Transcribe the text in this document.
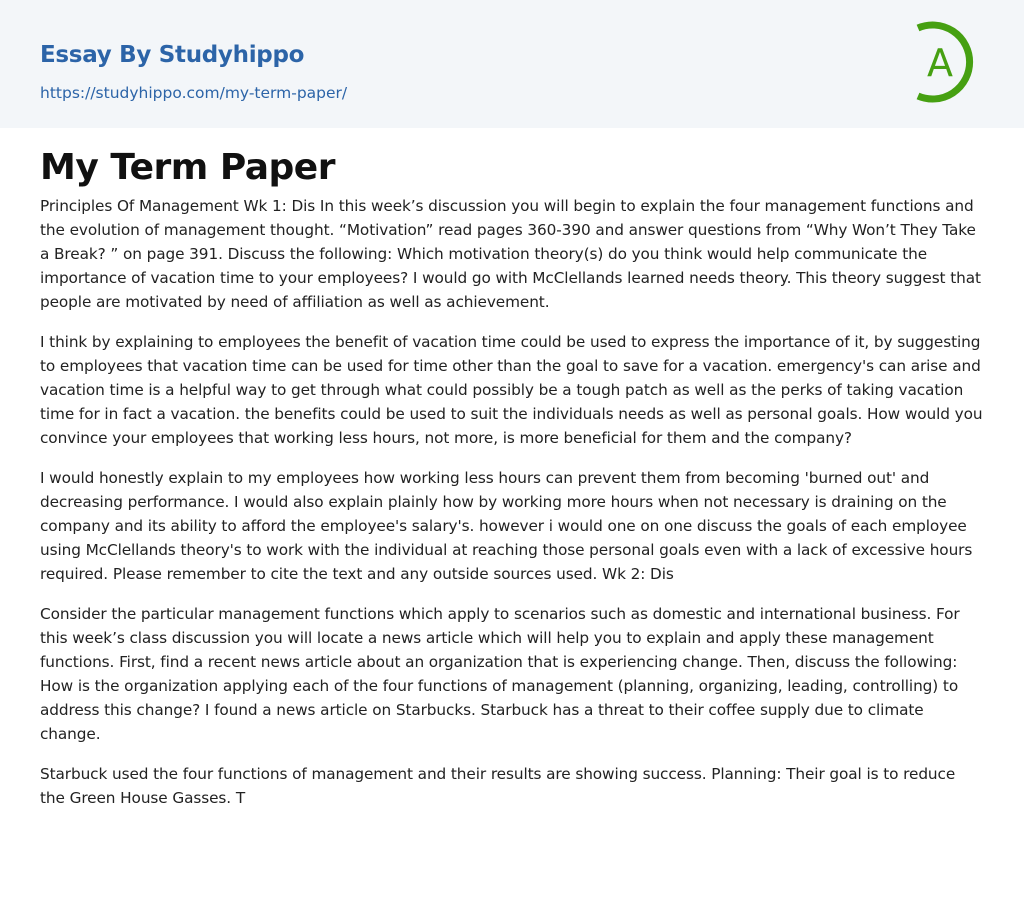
Essay By Studyhippo
https://studyhippo.com/my-term-paper/
A
My Term Paper

Principles Of Management Wk 1: Dis In this week’s discussion you will begin to explain the four management functions and the evolution of management thought. “Motivation” read pages 360-390 and answer questions from “Why Won’t They Take a Break? ” on page 391. Discuss the following: Which motivation theory(s) do you think would help communicate the importance of vacation time to your employees? I would go with McClellands learned needs theory. This theory suggest that people are motivated by need of affiliation as well as achievement.

I think by explaining to employees the benefit of vacation time could be used to express the importance of it, by suggesting to employees that vacation time can be used for time other than the goal to save for a vacation. emergency's can arise and vacation time is a helpful way to get through what could possibly be a tough patch as well as the perks of taking vacation time for in fact a vacation. the benefits could be used to suit the individuals needs as well as personal goals. How would you convince your employees that working less hours, not more, is more beneficial for them and the company?

I would honestly explain to my employees how working less hours can prevent them from becoming 'burned out' and decreasing performance. I would also explain plainly how by working more hours when not necessary is draining on the company and its ability to afford the employee's salary's. however i would one on one discuss the goals of each employee using McClellands theory's to work with the individual at reaching those personal goals even with a lack of excessive hours required. Please remember to cite the text and any outside sources used. Wk 2: Dis

Consider the particular management functions which apply to scenarios such as domestic and international business. For this week’s class discussion you will locate a news article which will help you to explain and apply these management functions. First, find a recent news article about an organization that is experiencing change. Then, discuss the following: How is the organization applying each of the four functions of management (planning, organizing, leading, controlling) to address this change? I found a news article on Starbucks. Starbuck has a threat to their coffee supply due to climate change.

Starbuck used the four functions of management and their results are showing success. Planning: Their goal is to reduce the Green House Gasses. T
